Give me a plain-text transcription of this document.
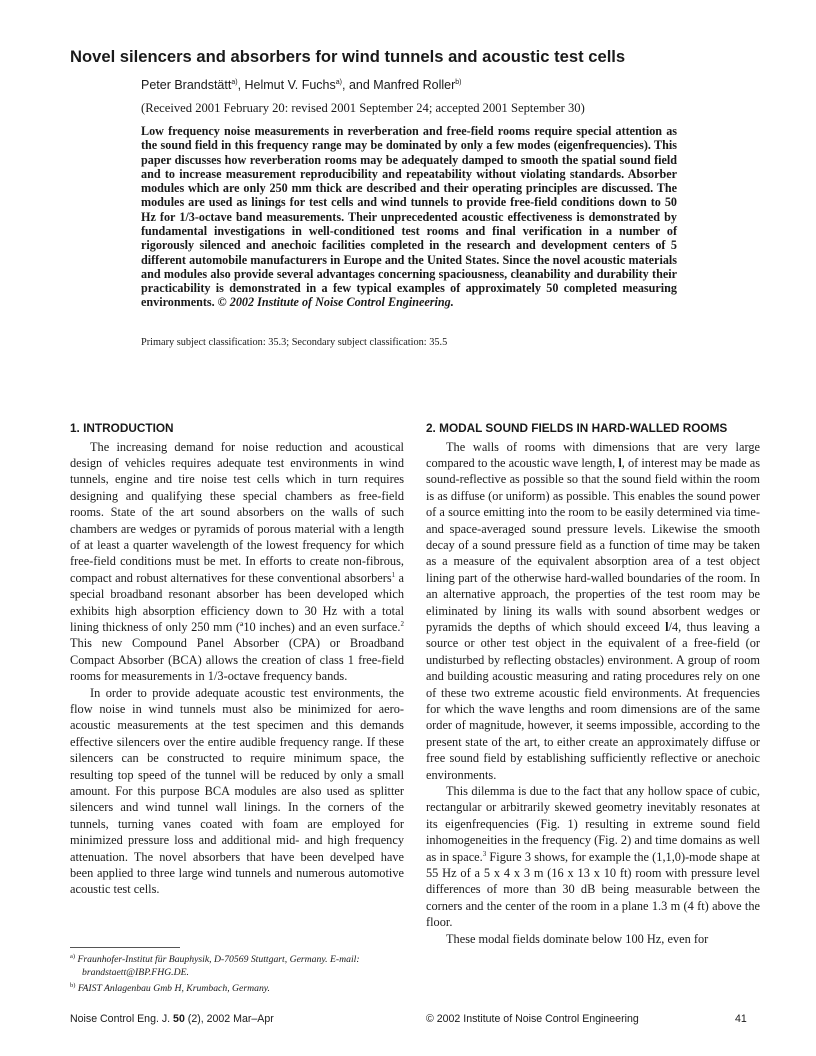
Novel silencers and absorbers for wind tunnels and acoustic test cells
Peter Brandstätt$^{a)}$, Helmut V. Fuchs$^{a)}$, and Manfred Roller$^{b)}$
(Received 2001 February 20: revised 2001 September 24; accepted 2001 September 30)

Low frequency noise measurements in reverberation and free-field rooms require special attention as the sound field in this frequency range may be dominated by only a few modes (eigenfrequencies). This paper discusses how reverberation rooms may be adequately damped to smooth the spatial sound field and to increase measurement reproducibility and repeatability without violating standards. Absorber modules which are only 250 mm thick are described and their operating principles are discussed. The modules are used as linings for test cells and wind tunnels to provide free-field conditions down to 50 Hz for 1/3-octave band measurements. Their unprecedented acoustic effectiveness is demonstrated by fundamental investigations in well-conditioned test rooms and final verification in a number of rigorously silenced and anechoic facilities completed in the research and development centers of 5 different automobile manufacturers in Europe and the United States. Since the novel acoustic materials and modules also provide several advantages concerning spaciousness, cleanability and durability their practicability is demonstrated in a few typical examples of approximately 50 completed measuring environments. © 2002 Institute of Noise Control Engineering.

Primary subject classification: 35.3; Secondary subject classification: 35.5
1. INTRODUCTION

The increasing demand for noise reduction and acoustical design of vehicles requires adequate test environments in wind tunnels, engine and tire noise test cells which in turn requires designing and qualifying these special chambers as free-field rooms. State of the art sound absorbers on the walls of such chambers are wedges or pyramids of porous material with a length of at least a quarter wavelength of the lowest frequency for which free-field conditions must be met. In efforts to create non-fibrous, compact and robust alternatives for these conventional absorbers$^1$ a special broadband resonant absorber has been developed which exhibits high absorption efficiency down to 30 Hz with a total lining thickness of only 250 mm (ª10 inches) and an even surface.$^2$ This new Compound Panel Absorber (CPA) or Broadband Compact Absorber (BCA) allows the creation of class 1 free-field rooms for measurements in 1/3-octave frequency bands.

In order to provide adequate acoustic test environments, the flow noise in wind tunnels must also be minimized for aero-acoustic measurements at the test specimen and this demands effective silencers over the entire audible frequency range. If these silencers can be constructed to require minimum space, the resulting top speed of the tunnel will be reduced by only a small amount. For this purpose BCA modules are also used as splitter silencers and wind tunnel wall linings. In the corners of the tunnels, turning vanes coated with foam are employed for minimized pressure loss and additional mid- and high frequency attenuation. The novel absorbers that have been develped have been applied to three large wind tunnels and numerous automotive acoustic test cells.

2. MODAL SOUND FIELDS IN HARD-WALLED ROOMS

The walls of rooms with dimensions that are very large compared to the acoustic wave length, l, of interest may be made as sound-reflective as possible so that the sound field within the room is as diffuse (or uniform) as possible. This enables the sound power of a source emitting into the room to be easily determined via time- and space-averaged sound pressure levels. Likewise the smooth decay of a sound pressure field as a function of time may be taken as a measure of the equivalent absorption area of a test object lining part of the otherwise hard-walled boundaries of the room. In an alternative approach, the properties of the test room may be eliminated by lining its walls with sound absorbent wedges or pyramids the depths of which should exceed l/4, thus leaving a source or other test object in the equivalent of a free-field (or undisturbed by reflecting obstacles) environment. A group of room and building acoustic measuring and rating procedures rely on one of these two extreme acoustic field environments. At frequencies for which the wave lengths and room dimensions are of the same order of magnitude, however, it seems impossible, according to the present state of the art, to either create an approximately diffuse or free sound field by establishing sufficiently reflective or anechoic environments.

This dilemma is due to the fact that any hollow space of cubic, rectangular or arbitrarily skewed geometry inevitably resonates at its eigenfrequencies (Fig. 1) resulting in extreme sound field inhomogeneities in the frequency (Fig. 2) and time domains as well as in space.$^3$ Figure 3 shows, for example the (1,1,0)-mode shape at 55 Hz of a 5 x 4 x 3 m (16 x 13 x 10 ft) room with pressure level differences of more than 30 dB being measurable between the corners and the center of the room in a plane 1.3 m (4 ft) above the floor.

These modal fields dominate below 100 Hz, even for

$^{a)}$ Fraunhofer-Institut für Bauphysik, D-70569 Stuttgart, Germany. E-mail: brandstaett@IBP.FHG.DE.

$^{b)}$ FAIST Anlagenbau Gmb H, Krumbach, Germany.

Noise Control Eng. J. 50 (2), 2002 Mar–Apr	© 2002 Institute of Noise Control Engineering	41
